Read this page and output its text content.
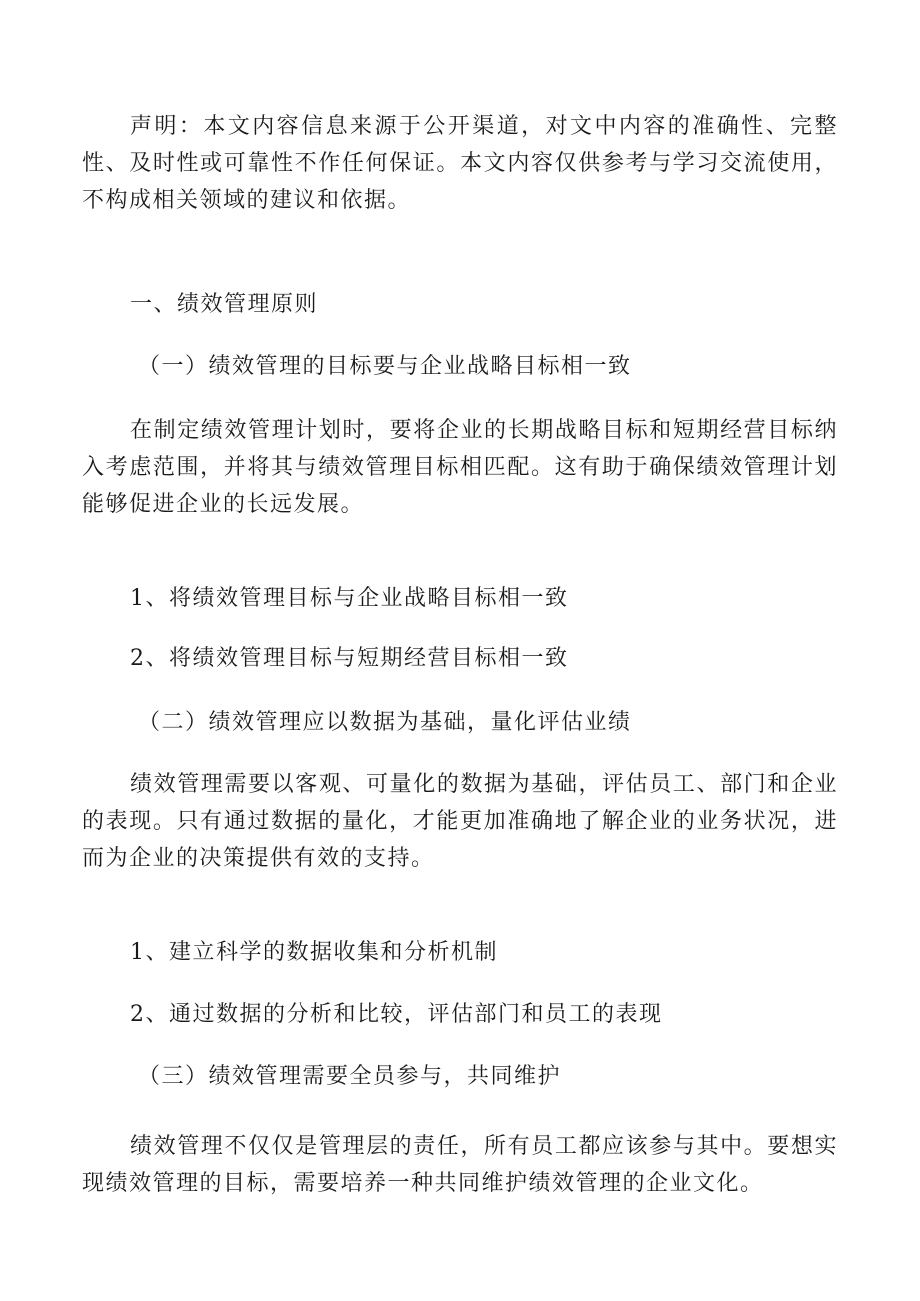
声明：本文内容信息来源于公开渠道，对文中内容的准确性、完整性、及时性或可靠性不作任何保证。本文内容仅供参考与学习交流使用，不构成相关领域的建议和依据。

一、绩效管理原则

（一）绩效管理的目标要与企业战略目标相一致

在制定绩效管理计划时，要将企业的长期战略目标和短期经营目标纳入考虑范围，并将其与绩效管理目标相匹配。这有助于确保绩效管理计划能够促进企业的长远发展。

1、将绩效管理目标与企业战略目标相一致

2、将绩效管理目标与短期经营目标相一致

（二）绩效管理应以数据为基础，量化评估业绩

绩效管理需要以客观、可量化的数据为基础，评估员工、部门和企业的表现。只有通过数据的量化，才能更加准确地了解企业的业务状况，进而为企业的决策提供有效的支持。

1、建立科学的数据收集和分析机制

2、通过数据的分析和比较，评估部门和员工的表现

（三）绩效管理需要全员参与，共同维护

绩效管理不仅仅是管理层的责任，所有员工都应该参与其中。要想实现绩效管理的目标，需要培养一种共同维护绩效管理的企业文化。
